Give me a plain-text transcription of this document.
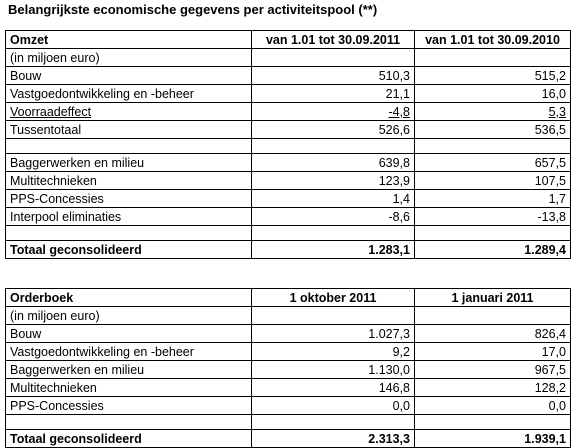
Belangrijkste economische gegevens per activiteitspool (**)
Omzet	van 1.01 tot 30.09.2011	van 1.01 tot 30.09.2010
(in miljoen euro)		
Bouw	510,3	515,2
Vastgoedontwikkeling en -beheer	21,1	16,0
Voorraadeffect	-4,8	5,3
Tussentotaal	526,6	536,5

Baggerwerken en milieu	639,8	657,5
Multitechnieken	123,9	107,5
PPS-Concessies	1,4	1,7
Interpool eliminaties	-8,6	-13,8

Totaal geconsolideerd	1.283,1	1.289,4
Orderboek	1 oktober 2011	1 januari 2011
(in miljoen euro)		
Bouw	1.027,3	826,4
Vastgoedontwikkeling en -beheer	9,2	17,0
Baggerwerken en milieu	1.130,0	967,5
Multitechnieken	146,8	128,2
PPS-Concessies	0,0	0,0

Totaal geconsolideerd	2.313,3	1.939,1
